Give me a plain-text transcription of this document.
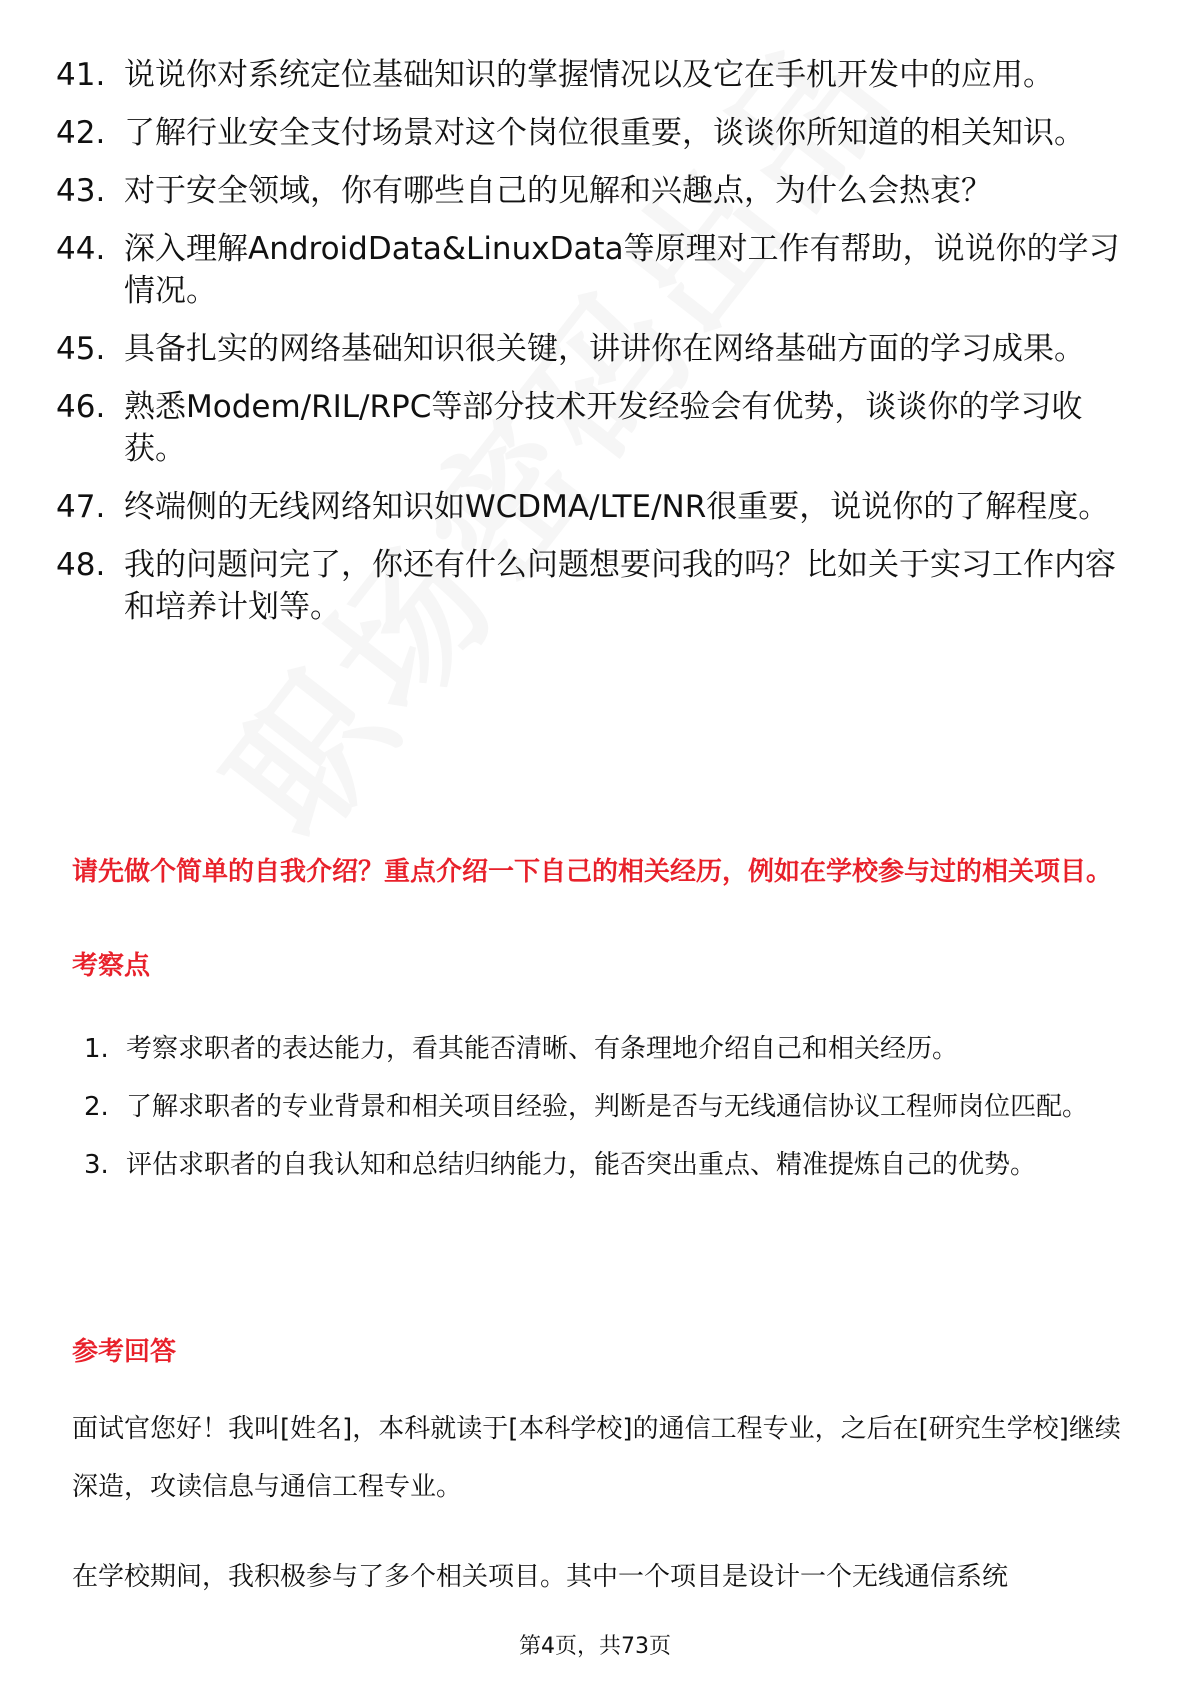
41. 说说你对系统定位基础知识的掌握情况以及它在手机开发中的应用。
42. 了解行业安全支付场景对这个岗位很重要，谈谈你所知道的相关知识。
43. 对于安全领域，你有哪些自己的见解和兴趣点，为什么会热衷？
44. 深入理解AndroidData&LinuxData等原理对工作有帮助，说说你的学习情况。
45. 具备扎实的网络基础知识很关键，讲讲你在网络基础方面的学习成果。
46. 熟悉Modem/RIL/RPC等部分技术开发经验会有优势，谈谈你的学习收获。
47. 终端侧的无线网络知识如WCDMA/LTE/NR很重要，说说你的了解程度。
48. 我的问题问完了，你还有什么问题想要问我的吗？比如关于实习工作内容和培养计划等。

请先做个简单的自我介绍？重点介绍一下自己的相关经历，例如在学校参与过的相关项目。

考察点

1. 考察求职者的表达能力，看其能否清晰、有条理地介绍自己和相关经历。
2. 了解求职者的专业背景和相关项目经验，判断是否与无线通信协议工程师岗位匹配。
3. 评估求职者的自我认知和总结归纳能力，能否突出重点、精准提炼自己的优势。

参考回答

面试官您好！我叫[姓名]，本科就读于[本科学校]的通信工程专业，之后在[研究生学校]继续深造，攻读信息与通信工程专业。

在学校期间，我积极参与了多个相关项目。其中一个项目是设计一个无线通信系统

第4页，共73页
